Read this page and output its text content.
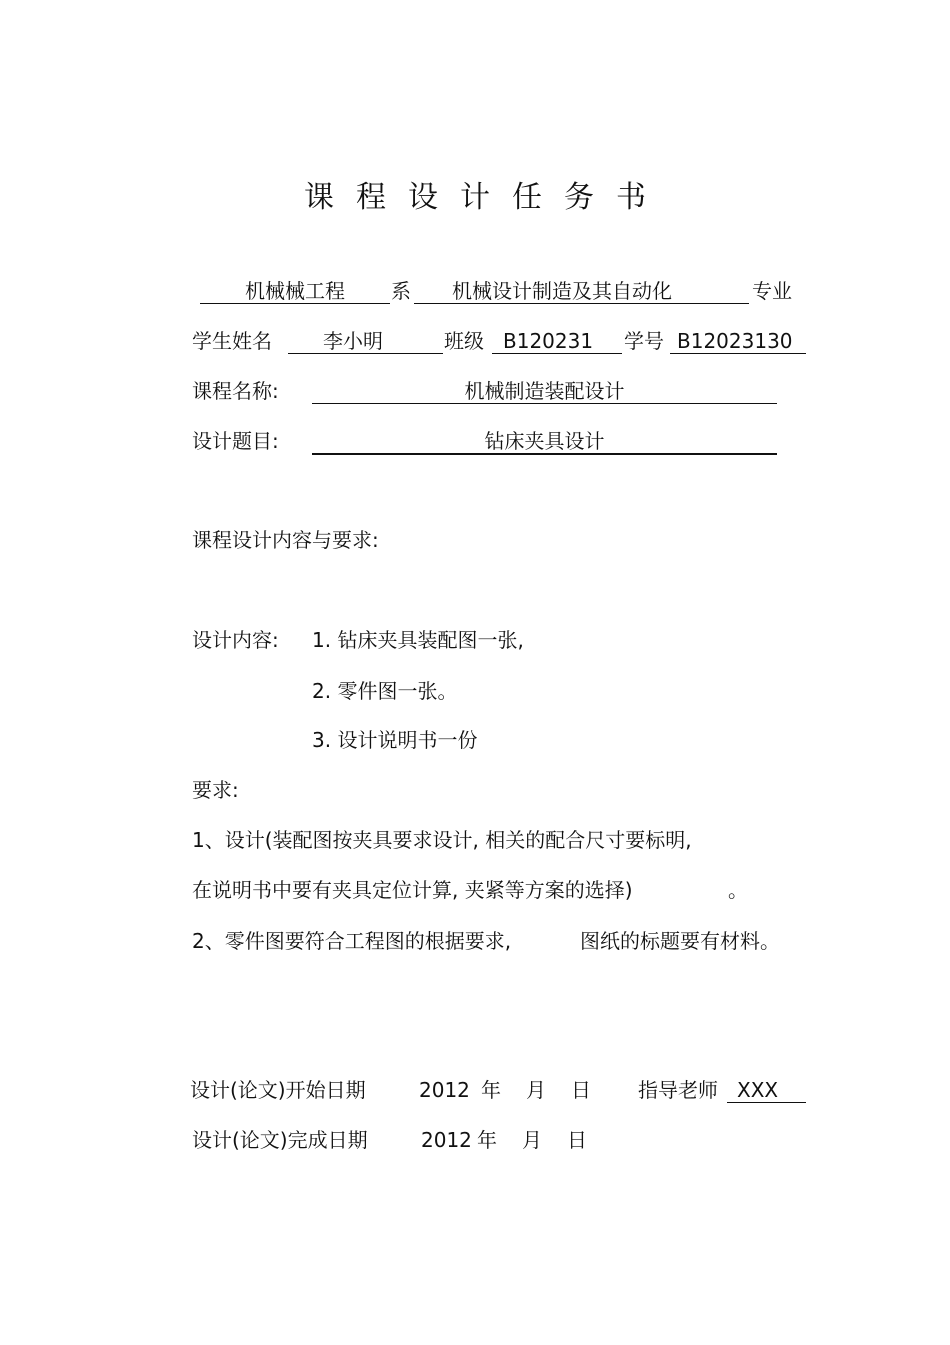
课程设计任务书
机械械工程	系 机械设计制造及其自动化	专业
学生姓名	李小明	班级 B120231 学号 B12023130
课程名称:	机械制造装配设计
设计题目:	钻床夹具设计
课程设计内容与要求:
设计内容: 1. 钻床夹具装配图一张,
2. 零件图一张。
3. 设计说明书一份
要求:
1、设计(装配图按夹具要求设计, 相关的配合尺寸要标明,
在说明书中要有夹具定位计算, 夹紧等方案的选择)	。
2、零件图要符合工程图的根据要求,	图纸的标题要有材料。
设计(论文)开始日期	2012 年 月 日 指导老师 XXX
设计(论文)完成日期	2012 年 月 日
